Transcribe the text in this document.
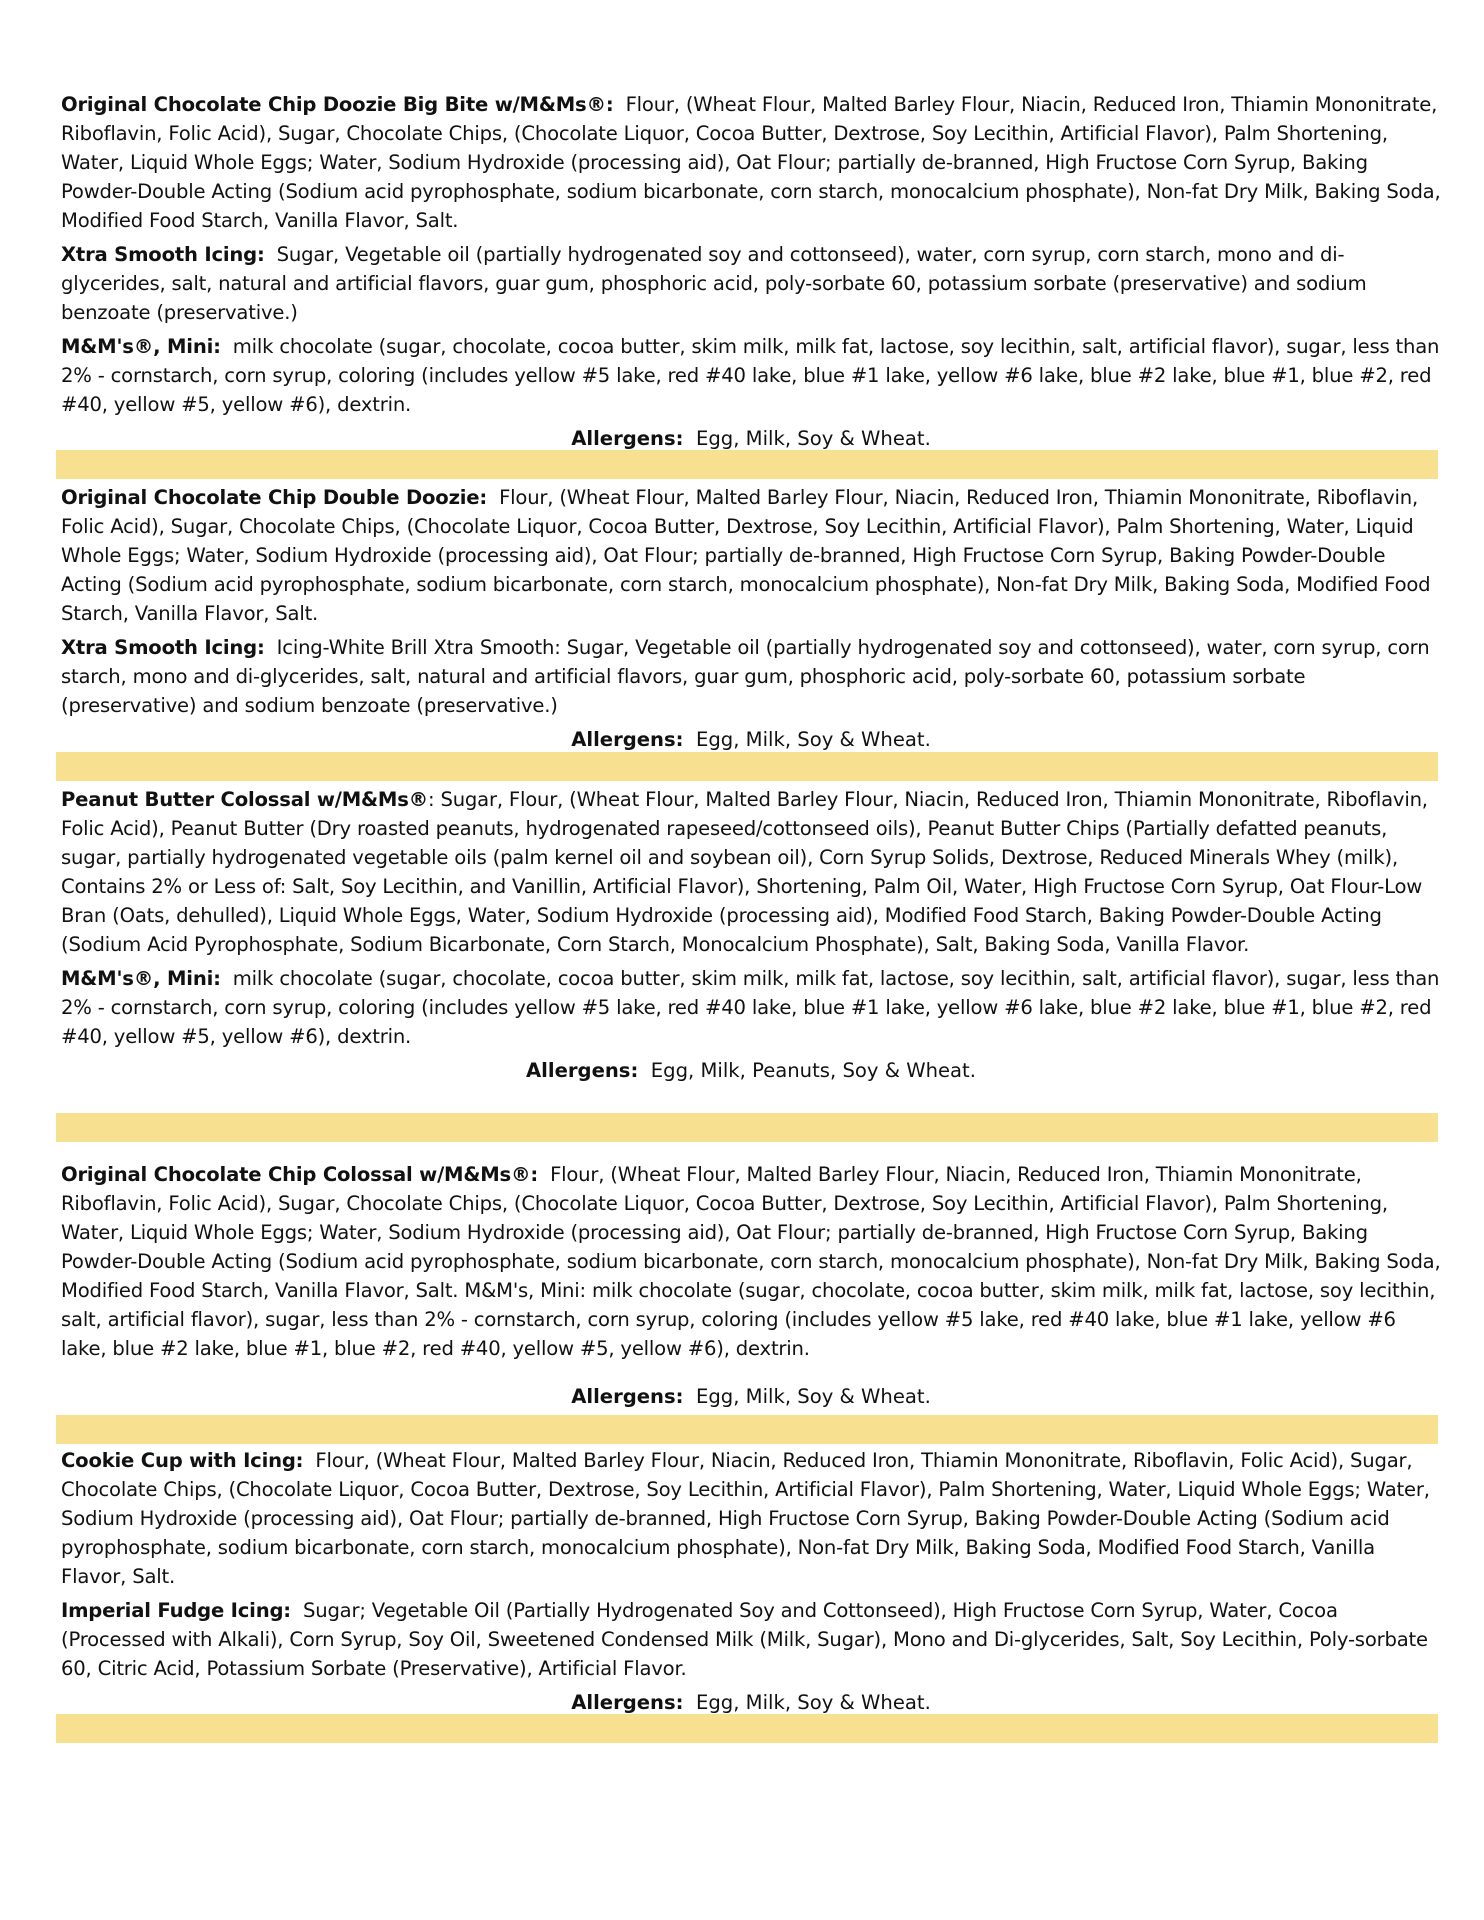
Original Chocolate Chip Doozie Big Bite w/M&Ms®: Flour, (Wheat Flour, Malted Barley Flour, Niacin, Reduced Iron, Thiamin Mononitrate, Riboflavin, Folic Acid), Sugar, Chocolate Chips, (Chocolate Liquor, Cocoa Butter, Dextrose, Soy Lecithin, Artificial Flavor), Palm Shortening, Water, Liquid Whole Eggs; Water, Sodium Hydroxide (processing aid), Oat Flour; partially de-branned, High Fructose Corn Syrup, Baking Powder-Double Acting (Sodium acid pyrophosphate, sodium bicarbonate, corn starch, monocalcium phosphate), Non-fat Dry Milk, Baking Soda, Modified Food Starch, Vanilla Flavor, Salt.

Xtra Smooth Icing: Sugar, Vegetable oil (partially hydrogenated soy and cottonseed), water, corn syrup, corn starch, mono and di-glycerides, salt, natural and artificial flavors, guar gum, phosphoric acid, poly-sorbate 60, potassium sorbate (preservative) and sodium benzoate (preservative.)

M&M's®, Mini: milk chocolate (sugar, chocolate, cocoa butter, skim milk, milk fat, lactose, soy lecithin, salt, artificial flavor), sugar, less than 2% - cornstarch, corn syrup, coloring (includes yellow #5 lake, red #40 lake, blue #1 lake, yellow #6 lake, blue #2 lake, blue #1, blue #2, red #40, yellow #5, yellow #6), dextrin.

Allergens: Egg, Milk, Soy & Wheat.

Original Chocolate Chip Double Doozie: Flour, (Wheat Flour, Malted Barley Flour, Niacin, Reduced Iron, Thiamin Mononitrate, Riboflavin, Folic Acid), Sugar, Chocolate Chips, (Chocolate Liquor, Cocoa Butter, Dextrose, Soy Lecithin, Artificial Flavor), Palm Shortening, Water, Liquid Whole Eggs; Water, Sodium Hydroxide (processing aid), Oat Flour; partially de-branned, High Fructose Corn Syrup, Baking Powder-Double Acting (Sodium acid pyrophosphate, sodium bicarbonate, corn starch, monocalcium phosphate), Non-fat Dry Milk, Baking Soda, Modified Food Starch, Vanilla Flavor, Salt.

Xtra Smooth Icing: Icing-White Brill Xtra Smooth: Sugar, Vegetable oil (partially hydrogenated soy and cottonseed), water, corn syrup, corn starch, mono and di-glycerides, salt, natural and artificial flavors, guar gum, phosphoric acid, poly-sorbate 60, potassium sorbate (preservative) and sodium benzoate (preservative.)

Allergens: Egg, Milk, Soy & Wheat.

Peanut Butter Colossal w/M&Ms®: Sugar, Flour, (Wheat Flour, Malted Barley Flour, Niacin, Reduced Iron, Thiamin Mononitrate, Riboflavin, Folic Acid), Peanut Butter (Dry roasted peanuts, hydrogenated rapeseed/cottonseed oils), Peanut Butter Chips (Partially defatted peanuts, sugar, partially hydrogenated vegetable oils (palm kernel oil and soybean oil), Corn Syrup Solids, Dextrose, Reduced Minerals Whey (milk), Contains 2% or Less of: Salt, Soy Lecithin, and Vanillin, Artificial Flavor), Shortening, Palm Oil, Water, High Fructose Corn Syrup, Oat Flour-Low Bran (Oats, dehulled), Liquid Whole Eggs, Water, Sodium Hydroxide (processing aid), Modified Food Starch, Baking Powder-Double Acting (Sodium Acid Pyrophosphate, Sodium Bicarbonate, Corn Starch, Monocalcium Phosphate), Salt, Baking Soda, Vanilla Flavor.

M&M's®, Mini: milk chocolate (sugar, chocolate, cocoa butter, skim milk, milk fat, lactose, soy lecithin, salt, artificial flavor), sugar, less than 2% - cornstarch, corn syrup, coloring (includes yellow #5 lake, red #40 lake, blue #1 lake, yellow #6 lake, blue #2 lake, blue #1, blue #2, red #40, yellow #5, yellow #6), dextrin.

Allergens: Egg, Milk, Peanuts, Soy & Wheat.

Original Chocolate Chip Colossal w/M&Ms®: Flour, (Wheat Flour, Malted Barley Flour, Niacin, Reduced Iron, Thiamin Mononitrate, Riboflavin, Folic Acid), Sugar, Chocolate Chips, (Chocolate Liquor, Cocoa Butter, Dextrose, Soy Lecithin, Artificial Flavor), Palm Shortening, Water, Liquid Whole Eggs; Water, Sodium Hydroxide (processing aid), Oat Flour; partially de-branned, High Fructose Corn Syrup, Baking Powder-Double Acting (Sodium acid pyrophosphate, sodium bicarbonate, corn starch, monocalcium phosphate), Non-fat Dry Milk, Baking Soda, Modified Food Starch, Vanilla Flavor, Salt. M&M's, Mini: milk chocolate (sugar, chocolate, cocoa butter, skim milk, milk fat, lactose, soy lecithin, salt, artificial flavor), sugar, less than 2% - cornstarch, corn syrup, coloring (includes yellow #5 lake, red #40 lake, blue #1 lake, yellow #6 lake, blue #2 lake, blue #1, blue #2, red #40, yellow #5, yellow #6), dextrin.

Allergens: Egg, Milk, Soy & Wheat.

Cookie Cup with Icing: Flour, (Wheat Flour, Malted Barley Flour, Niacin, Reduced Iron, Thiamin Mononitrate, Riboflavin, Folic Acid), Sugar, Chocolate Chips, (Chocolate Liquor, Cocoa Butter, Dextrose, Soy Lecithin, Artificial Flavor), Palm Shortening, Water, Liquid Whole Eggs; Water, Sodium Hydroxide (processing aid), Oat Flour; partially de-branned, High Fructose Corn Syrup, Baking Powder-Double Acting (Sodium acid pyrophosphate, sodium bicarbonate, corn starch, monocalcium phosphate), Non-fat Dry Milk, Baking Soda, Modified Food Starch, Vanilla Flavor, Salt.

Imperial Fudge Icing: Sugar; Vegetable Oil (Partially Hydrogenated Soy and Cottonseed), High Fructose Corn Syrup, Water, Cocoa (Processed with Alkali), Corn Syrup, Soy Oil, Sweetened Condensed Milk (Milk, Sugar), Mono and Di-glycerides, Salt, Soy Lecithin, Poly-sorbate 60, Citric Acid, Potassium Sorbate (Preservative), Artificial Flavor.

Allergens: Egg, Milk, Soy & Wheat.
